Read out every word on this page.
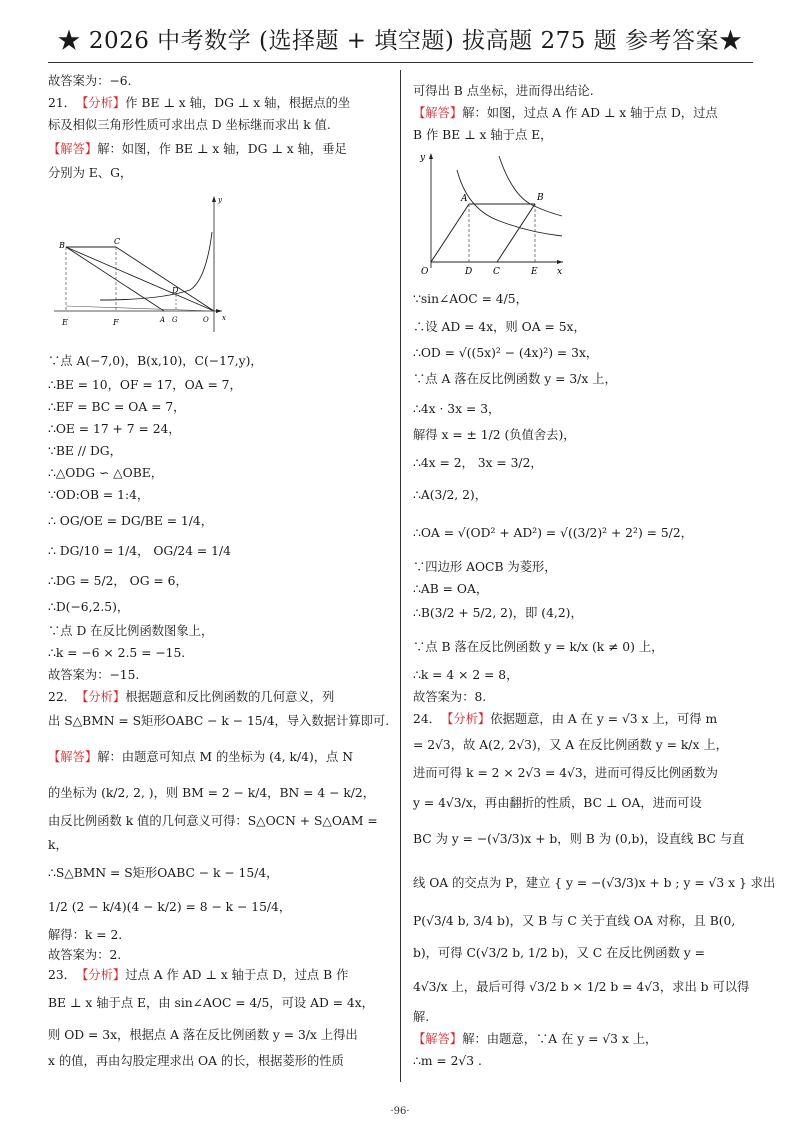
★ 2026 中考数学 (选择题 + 填空题) 拔高题 275 题 参考答案★
故答案为：−6.
21． 【分析】作 BE ⊥ x 轴，DG ⊥ x 轴，根据点的坐
标及相似三角形性质可求出点 D 坐标继而求出 k 值.
【解答】解：如图，作 BE ⊥ x 轴，DG ⊥ x 轴，垂足
分别为 E、G，
B	C
D
E	F	A G	O x
y
∵点 A(−7,0)，B(x,10)，C(−17,y)，
∴BE = 10，OF = 17，OA = 7，
∴EF = BC = OA = 7，
∴OE = 17 + 7 = 24，
∵BE // DG，
∴△ODG ∽ △OBE，
∵OD:OB = 1:4，
∴ OG/OE = DG/BE = 1/4，
∴ DG/10 = 1/4， OG/24 = 1/4
∴DG = 5/2， OG = 6，
∴D(−6,2.5)，
∵点 D 在反比例函数图象上，
∴k = −6 × 2.5 = −15.
故答案为：−15.
22． 【分析】根据题意和反比例函数的几何意义，列
出 S△BMN = S矩形OABC − k − 15/4，导入数据计算即可.
【解答】解：由题意可知点 M 的坐标为 (4, k/4)，点 N
的坐标为 (k/2, 2, )，则 BM = 2 − k/4，BN = 4 − k/2，
由反比例函数 k 值的几何意义可得：S△OCN + S△OAM =
k，
∴S△BMN = S矩形OABC − k − 15/4，
1/2 (2 − k/4)(4 − k/2) = 8 − k − 15/4，
解得：k = 2.
故答案为：2.
23． 【分析】过点 A 作 AD ⊥ x 轴于点 D，过点 B 作
BE ⊥ x 轴于点 E，由 sin∠AOC = 4/5，可设 AD = 4x，
则 OD = 3x，根据点 A 落在反比例函数 y = 3/x 上得出
x 的值，再由勾股定理求出 OA 的长，根据菱形的性质
可得出 B 点坐标，进而得出结论.
【解答】解：如图，过点 A 作 AD ⊥ x 轴于点 D，过点
B 作 BE ⊥ x 轴于点 E，
y
A	B
O	D C	E x
∵sin∠AOC = 4/5，
∴设 AD = 4x，则 OA = 5x，
∴OD = √((5x)² − (4x)²) = 3x，
∵点 A 落在反比例函数 y = 3/x 上，
∴4x · 3x = 3，
解得 x = ± 1/2 (负值舍去)，
∴4x = 2， 3x = 3/2，
∴A(3/2, 2)，
∴OA = √(OD² + AD²) = √((3/2)² + 2²) = 5/2，
∵四边形 AOCB 为菱形，
∴AB = OA，
∴B(3/2 + 5/2, 2)，即 (4,2)，
∵点 B 落在反比例函数 y = k/x (k ≠ 0) 上，
∴k = 4 × 2 = 8，
故答案为：8.
24． 【分析】依据题意，由 A 在 y = √3 x 上，可得 m
= 2√3，故 A(2, 2√3)，又 A 在反比例函数 y = k/x 上，
进而可得 k = 2 × 2√3 = 4√3，进而可得反比例函数为
y = 4√3/x，再由翻折的性质，BC ⊥ OA，进而可设
BC 为 y = −(√3/3)x + b，则 B 为 (0,b)，设直线 BC 与直
线 OA 的交点为 P，建立 { y = −(√3/3)x + b ; y = √3 x } 求出
P(√3/4 b, 3/4 b)，又 B 与 C 关于直线 OA 对称，且 B(0,
b)，可得 C(√3/2 b, 1/2 b)，又 C 在反比例函数 y =
4√3/x 上，最后可得 √3/2 b × 1/2 b = 4√3，求出 b 可以得
解.
【解答】解：由题意，∵A 在 y = √3 x 上，
∴m = 2√3 .
·96·
